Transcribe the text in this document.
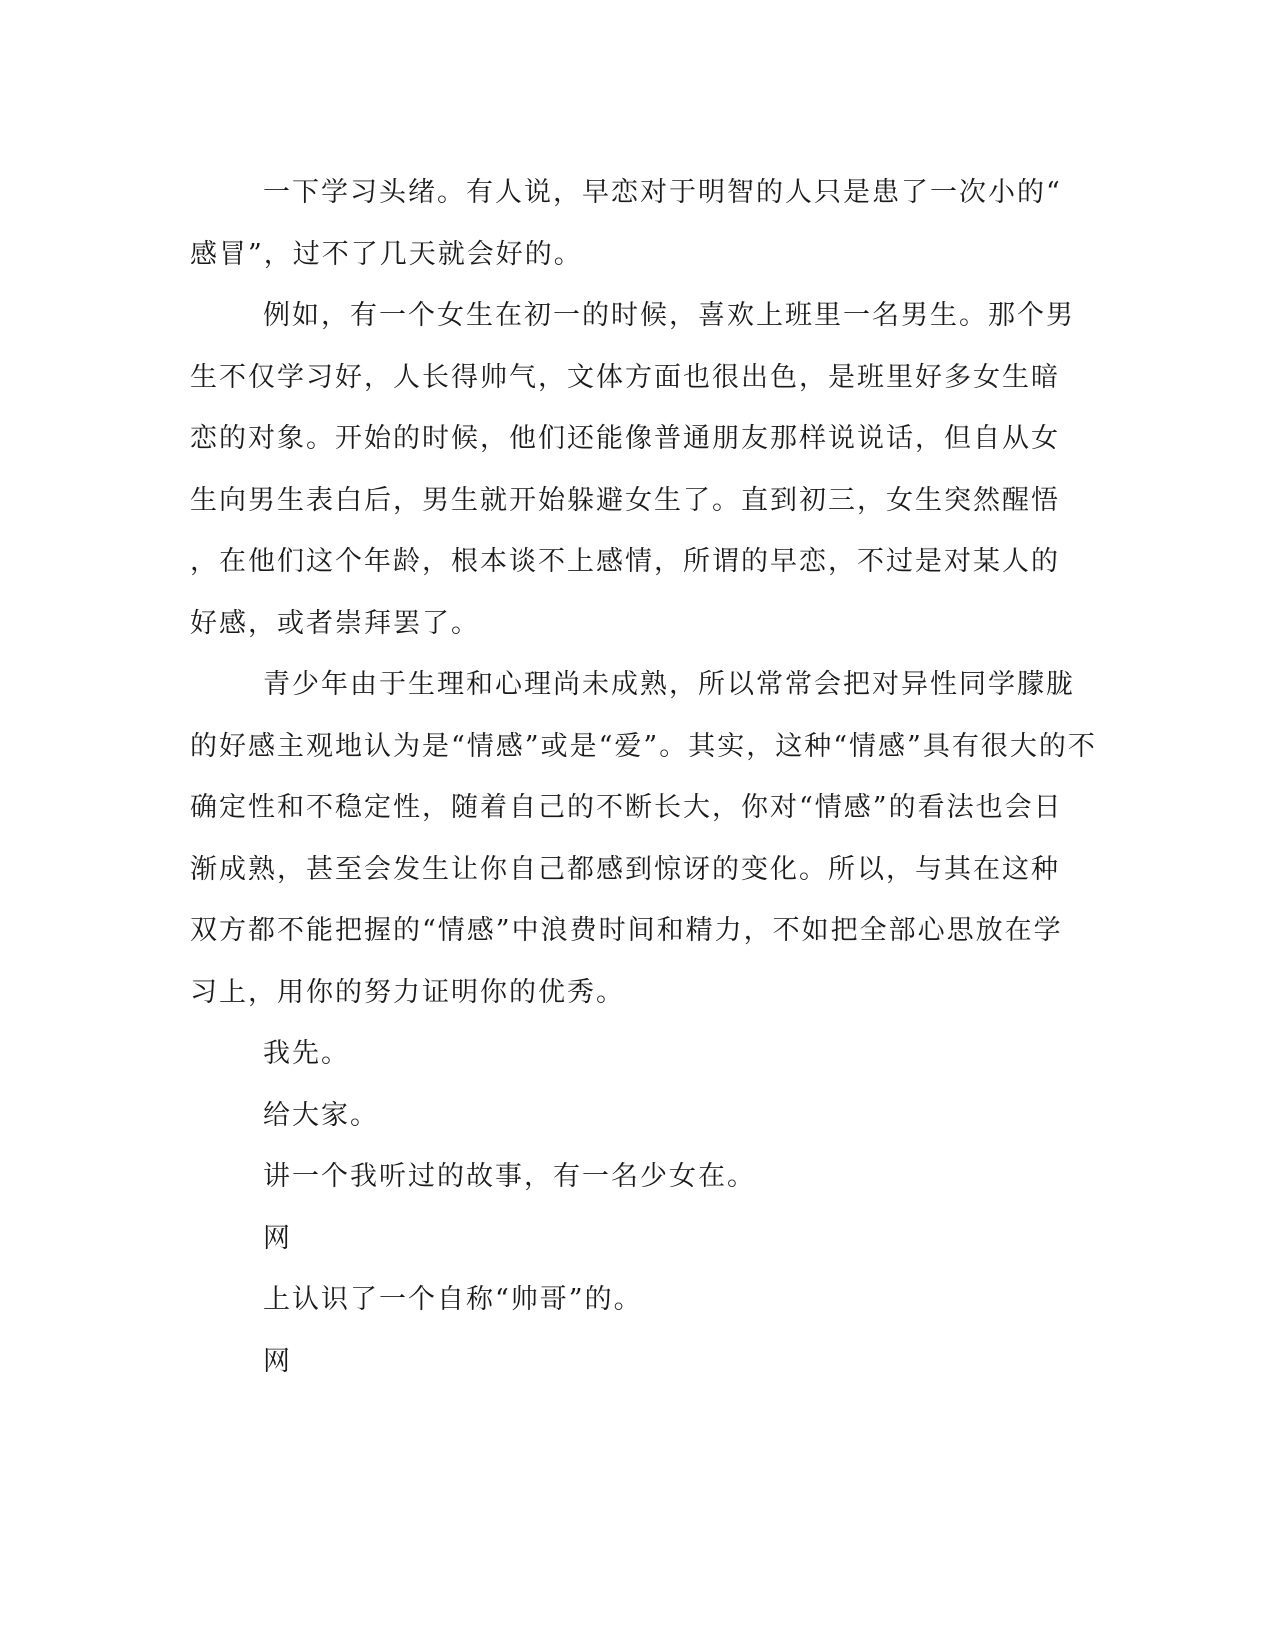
一下学习头绪。有人说，早恋对于明智的人只是患了一次小的“

感冒”，过不了几天就会好的。

例如，有一个女生在初一的时候，喜欢上班里一名男生。那个男

生不仅学习好，人长得帅气，文体方面也很出色，是班里好多女生暗

恋的对象。开始的时候，他们还能像普通朋友那样说说话，但自从女

生向男生表白后，男生就开始躲避女生了。直到初三，女生突然醒悟

，在他们这个年龄，根本谈不上感情，所谓的早恋，不过是对某人的

好感，或者崇拜罢了。

青少年由于生理和心理尚未成熟，所以常常会把对异性同学朦胧

的好感主观地认为是“情感”或是“爱”。其实，这种“情感”具有很大的不

确定性和不稳定性，随着自己的不断长大，你对“情感”的看法也会日

渐成熟，甚至会发生让你自己都感到惊讶的变化。所以，与其在这种

双方都不能把握的“情感”中浪费时间和精力，不如把全部心思放在学

习上，用你的努力证明你的优秀。

我先。

给大家。

讲一个我听过的故事，有一名少女在。

网

上认识了一个自称“帅哥”的。

网
